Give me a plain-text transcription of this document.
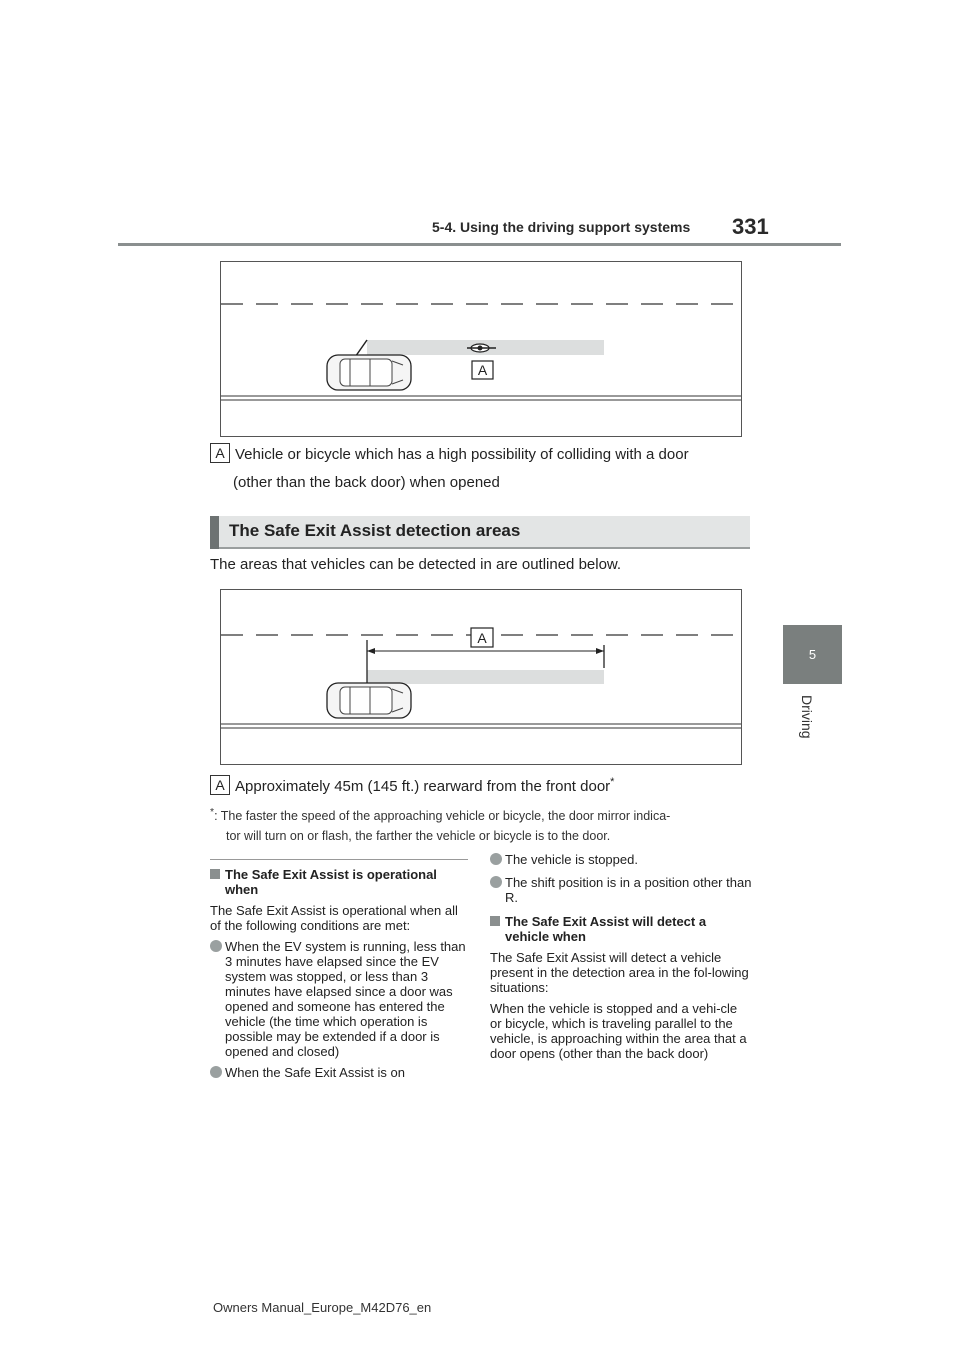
5-4. Using the driving support systems 331
5
Driving
A
A Vehicle or bicycle which has a high possibility of colliding with a door
(other than the back door) when opened
The Safe Exit Assist detection areas
The areas that vehicles can be detected in are outlined below.
A
A Approximately 45m (145 ft.) rearward from the front door*
*: The faster the speed of the approaching vehicle or bicycle, the door mirror indica-
tor will turn on or flash, the farther the vehicle or bicycle is to the door.
The Safe Exit Assist is operational when
The Safe Exit Assist is operational when all of the following conditions are met:
When the EV system is running, less than 3 minutes have elapsed since the EV system was stopped, or less than 3 minutes have elapsed since a door was opened and someone has entered the vehicle (the time which operation is possible may be extended if a door is opened and closed)
When the Safe Exit Assist is on
The vehicle is stopped.
The shift position is in a position other than R.
The Safe Exit Assist will detect a vehicle when
The Safe Exit Assist will detect a vehicle present in the detection area in the fol-lowing situations:
When the vehicle is stopped and a vehi-cle or bicycle, which is traveling parallel to the vehicle, is approaching within the area that a door opens (other than the back door)
Owners Manual_Europe_M42D76_en
